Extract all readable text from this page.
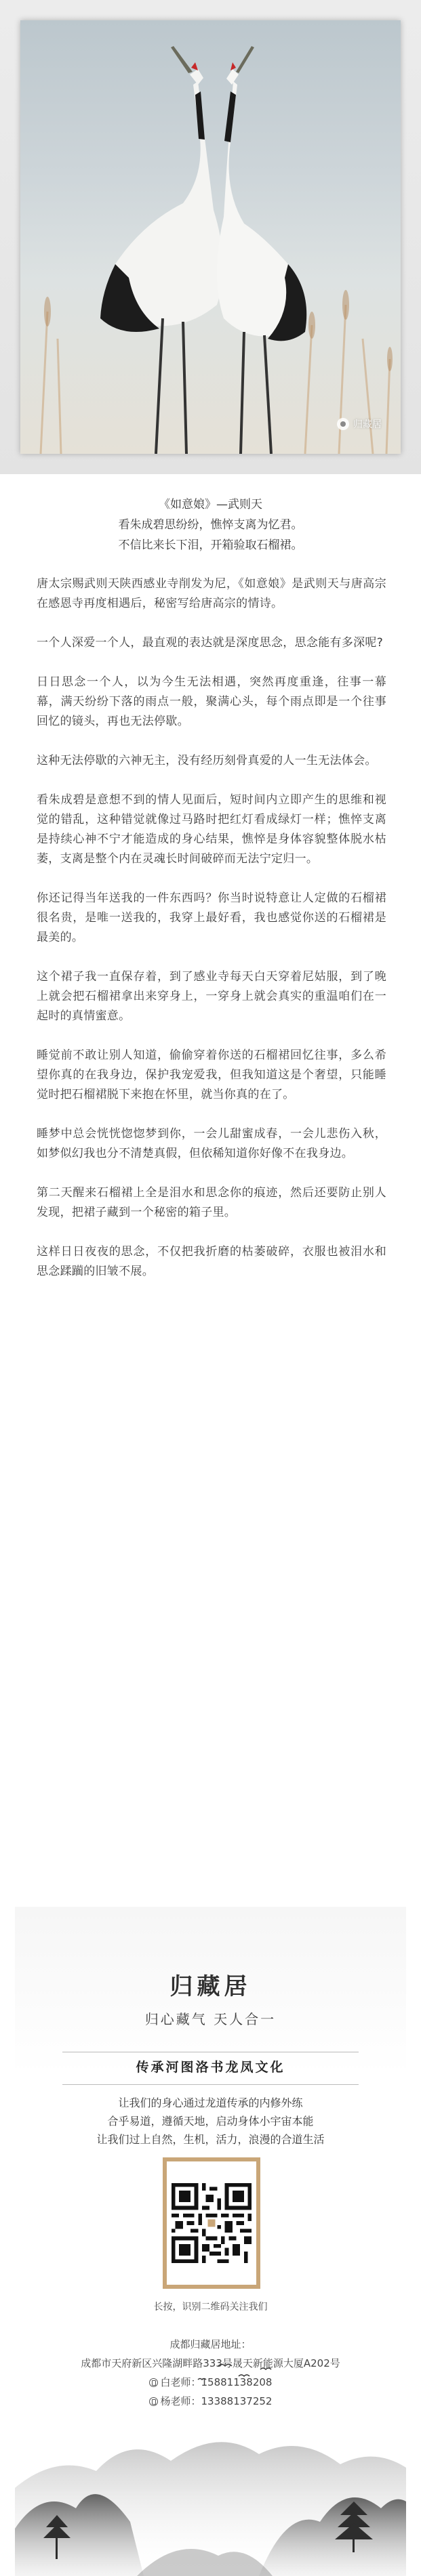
归藏居
《如意娘》—武则天
看朱成碧思纷纷，憔悴支离为忆君。
不信比来长下泪，开箱验取石榴裙。

唐太宗赐武则天陕西感业寺削发为尼，《如意娘》是武则天与唐高宗在感恩寺再度相遇后，秘密写给唐高宗的情诗。

一个人深爱一个人，最直观的表达就是深度思念，思念能有多深呢?

日日思念一个人，以为今生无法相遇，突然再度重逢，往事一幕幕，满天纷纷下落的雨点一般，聚满心头，每个雨点即是一个往事回忆的镜头，再也无法停歇。

这种无法停歇的六神无主，没有经历刻骨真爱的人一生无法体会。

看朱成碧是意想不到的情人见面后，短时间内立即产生的思维和视觉的错乱，这种错觉就像过马路时把红灯看成绿灯一样；憔悴支离是持续心神不宁才能造成的身心结果，憔悴是身体容貌整体脱水枯萎，支离是整个内在灵魂长时间破碎而无法宁定归一。

你还记得当年送我的一件东西吗？你当时说特意让人定做的石榴裙很名贵，是唯一送我的，我穿上最好看，我也感觉你送的石榴裙是最美的。

这个裙子我一直保存着，到了感业寺每天白天穿着尼姑服，到了晚上就会把石榴裙拿出来穿身上，一穿身上就会真实的重温咱们在一起时的真情蜜意。

睡觉前不敢让别人知道，偷偷穿着你送的石榴裙回忆往事，多么希望你真的在我身边，保护我宠爱我，但我知道这是个奢望，只能睡觉时把石榴裙脱下来抱在怀里，就当你真的在了。

睡梦中总会恍恍惚惚梦到你，一会儿甜蜜成春，一会儿悲伤入秋，如梦似幻我也分不清楚真假，但依稀知道你好像不在我身边。

第二天醒来石榴裙上全是泪水和思念你的痕迹，然后还要防止别人发现，把裙子藏到一个秘密的箱子里。

这样日日夜夜的思念，不仅把我折磨的枯萎破碎，衣服也被泪水和思念蹂躏的旧皱不展。

归藏居
归心藏气 天人合一
传承河图洛书龙凤文化
让我们的身心通过龙道传承的内修外练
合乎易道，遵循天地，启动身体小宇宙本能
让我们过上自然，生机，活力，浪漫的合道生活
长按，识别二维码关注我们
成都归藏居地址：
成都市天府新区兴隆湖畔路333号晟天新能源大厦A202号
白老师：15881138208
杨老师：13388137252
